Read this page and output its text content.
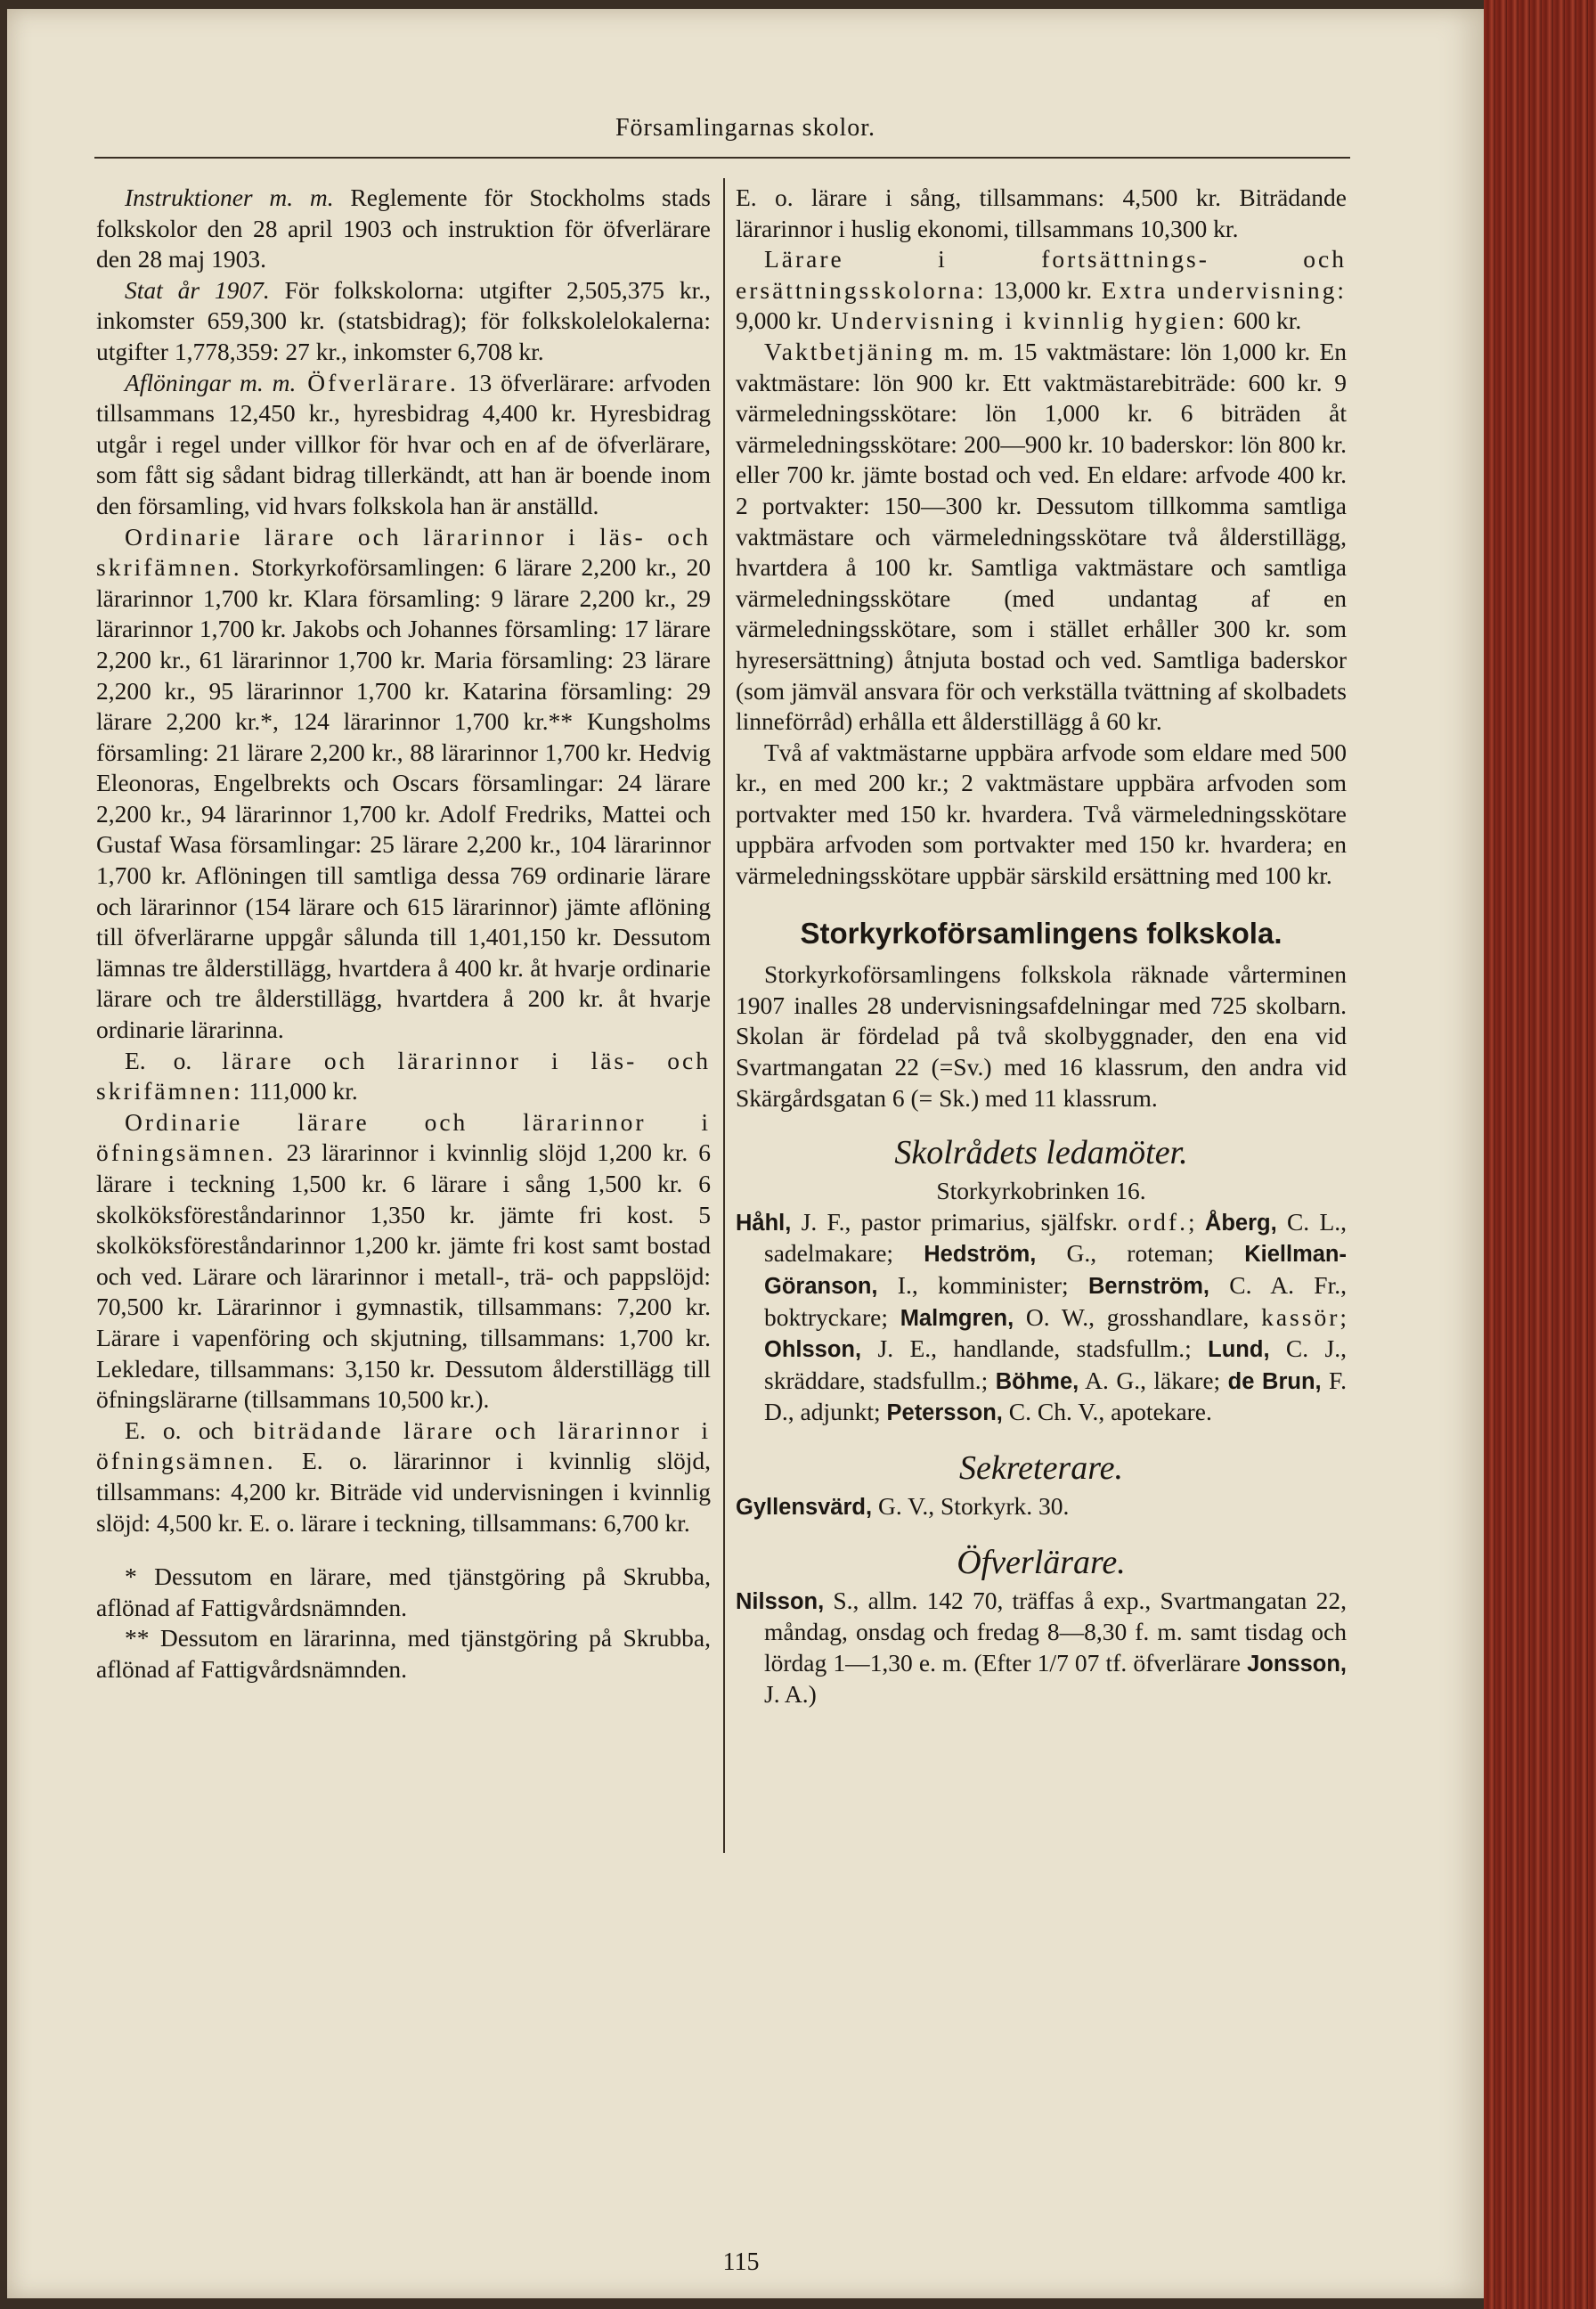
Församlingarnas skolor.

Instruktioner m. m. Reglemente för Stockholms stads folkskolor den 28 april 1903 och instruktion för öfverlärare den 28 maj 1903.

Stat år 1907. För folkskolorna: utgifter 2,505,375 kr., inkomster 659,300 kr. (statsbidrag); för folkskolelokalerna: utgifter 1,778,359: 27 kr., inkomster 6,708 kr.

Aflöningar m. m. Öfverlärare. 13 öfverlärare: arfvoden tillsammans 12,450 kr., hyresbidrag 4,400 kr. Hyresbidrag utgår i regel under villkor för hvar och en af de öfverlärare, som fått sig sådant bidrag tillerkändt, att han är boende inom den församling, vid hvars folkskola han är anställd.

Ordinarie lärare och lärarinnor i läs- och skrifämnen. Storkyrkoförsamlingen: 6 lärare 2,200 kr., 20 lärarinnor 1,700 kr. Klara församling: 9 lärare 2,200 kr., 29 lärarinnor 1,700 kr. Jakobs och Johannes församling: 17 lärare 2,200 kr., 61 lärarinnor 1,700 kr. Maria församling: 23 lärare 2,200 kr., 95 lärarinnor 1,700 kr. Katarina församling: 29 lärare 2,200 kr.*, 124 lärarinnor 1,700 kr.** Kungsholms församling: 21 lärare 2,200 kr., 88 lärarinnor 1,700 kr. Hedvig Eleonoras, Engelbrekts och Oscars församlingar: 24 lärare 2,200 kr., 94 lärarinnor 1,700 kr. Adolf Fredriks, Mattei och Gustaf Wasa församlingar: 25 lärare 2,200 kr., 104 lärarinnor 1,700 kr. Aflöningen till samtliga dessa 769 ordinarie lärare och lärarinnor (154 lärare och 615 lärarinnor) jämte aflöning till öfverlärarne uppgår sålunda till 1,401,150 kr. Dessutom lämnas tre ålderstillägg, hvartdera å 400 kr. åt hvarje ordinarie lärare och tre ålderstillägg, hvartdera å 200 kr. åt hvarje ordinarie lärarinna.

E. o. lärare och lärarinnor i läs- och skrifämnen: 111,000 kr.

Ordinarie lärare och lärarinnor i öfningsämnen. 23 lärarinnor i kvinnlig slöjd 1,200 kr. 6 lärare i teckning 1,500 kr. 6 lärare i sång 1,500 kr. 6 skolköksföreståndarinnor 1,350 kr. jämte fri kost. 5 skolköksföreståndarinnor 1,200 kr. jämte fri kost samt bostad och ved. Lärare och lärarinnor i metall-, trä- och pappslöjd: 70,500 kr. Lärarinnor i gymnastik, tillsammans: 7,200 kr. Lärare i vapenföring och skjutning, tillsammans: 1,700 kr. Lekledare, tillsammans: 3,150 kr. Dessutom ålderstillägg till öfningslärarne (tillsammans 10,500 kr.).

E. o. och biträdande lärare och lärarinnor i öfningsämnen. E. o. lärarinnor i kvinnlig slöjd, tillsammans: 4,200 kr. Biträde vid undervisningen i kvinnlig slöjd: 4,500 kr. E. o. lärare i teckning, tillsammans: 6,700 kr.

* Dessutom en lärare, med tjänstgöring på Skrubba, aflönad af Fattigvårdsnämnden.

** Dessutom en lärarinna, med tjänstgöring på Skrubba, aflönad af Fattigvårdsnämnden.

E. o. lärare i sång, tillsammans: 4,500 kr. Biträdande lärarinnor i huslig ekonomi, tillsammans 10,300 kr.

Lärare i fortsättnings- och ersättningsskolorna: 13,000 kr. Extra undervisning: 9,000 kr. Undervisning i kvinnlig hygien: 600 kr.

Vaktbetjäning m. m. 15 vaktmästare: lön 1,000 kr. En vaktmästare: lön 900 kr. Ett vaktmästarebiträde: 600 kr. 9 värmeledningsskötare: lön 1,000 kr. 6 biträden åt värmeledningsskötare: 200—900 kr. 10 baderskor: lön 800 kr. eller 700 kr. jämte bostad och ved. En eldare: arfvode 400 kr. 2 portvakter: 150—300 kr. Dessutom tillkomma samtliga vaktmästare och värmeledningsskötare två ålderstillägg, hvartdera å 100 kr. Samtliga vaktmästare och samtliga värmeledningsskötare (med undantag af en värmeledningsskötare, som i stället erhåller 300 kr. som hyresersättning) åtnjuta bostad och ved. Samtliga baderskor (som jämväl ansvara för och verkställa tvättning af skolbadets linneförråd) erhålla ett ålderstillägg å 60 kr.

Två af vaktmästarne uppbära arfvode som eldare med 500 kr., en med 200 kr.; 2 vaktmästare uppbära arfvoden som portvakter med 150 kr. hvardera. Två värmeledningsskötare uppbära arfvoden som portvakter med 150 kr. hvardera; en värmeledningsskötare uppbär särskild ersättning med 100 kr.

Storkyrkoförsamlingens folkskola.

Storkyrkoförsamlingens folkskola räknade vårterminen 1907 inalles 28 undervisningsafdelningar med 725 skolbarn. Skolan är fördelad på två skolbyggnader, den ena vid Svartmangatan 22 (=Sv.) med 16 klassrum, den andra vid Skärgårdsgatan 6 (= Sk.) med 11 klassrum.

Skolrådets ledamöter.

Storkyrkobrinken 16.

Håhl, J. F., pastor primarius, själfskr. ordf.; Åberg, C. L., sadelmakare; Hedström, G., roteman; Kiellman-Göranson, I., komminister; Bernström, C. A. Fr., boktryckare; Malmgren, O. W., grosshandlare, kassör; Ohlsson, J. E., handlande, stadsfullm.; Lund, C. J., skräddare, stadsfullm.; Böhme, A. G., läkare; de Brun, F. D., adjunkt; Petersson, C. Ch. V., apotekare.

Sekreterare.

Gyllensvärd, G. V., Storkyrk. 30.

Öfverlärare.

Nilsson, S., allm. 142 70, träffas å exp., Svartmangatan 22, måndag, onsdag och fredag 8—8,30 f. m. samt tisdag och lördag 1—1,30 e. m. (Efter 1/7 07 tf. öfverlärare Jonsson, J. A.)

115
